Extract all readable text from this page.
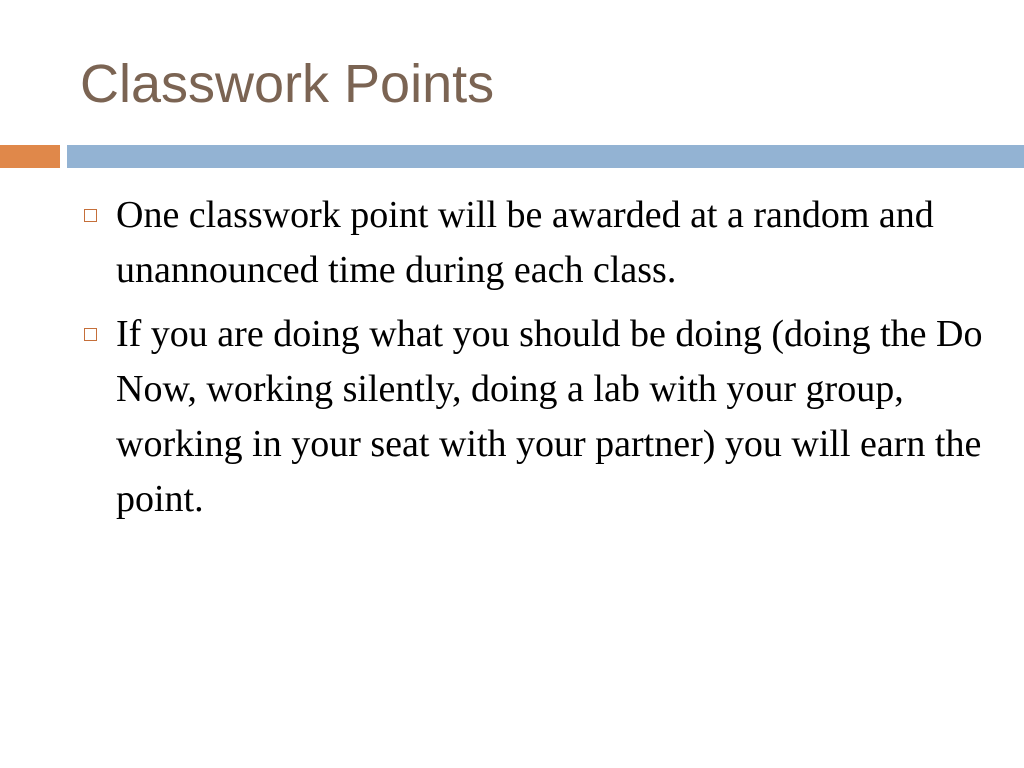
Classwork Points
One classwork point will be awarded at a random and unannounced time during each class.
If you are doing what you should be doing (doing the Do Now, working silently, doing a lab with your group, working in your seat with your partner) you will earn the point.
